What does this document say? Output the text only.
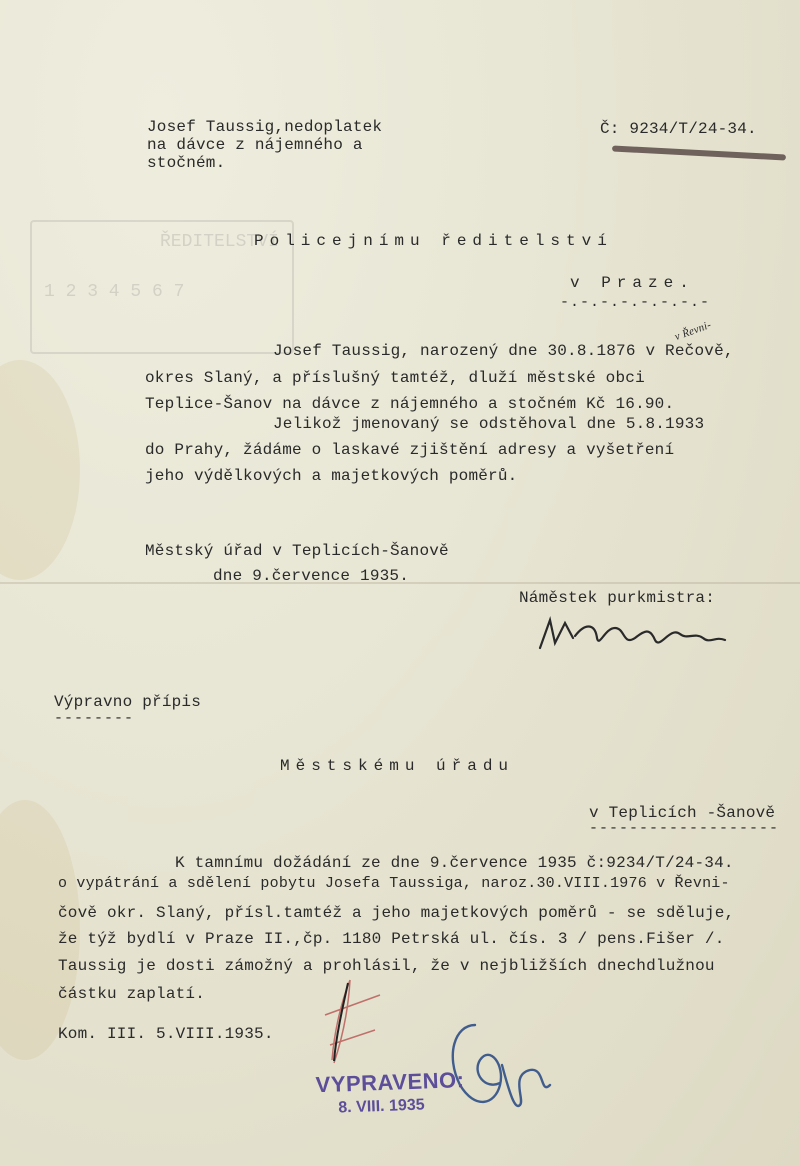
ŘEDITELSTVÍ
1 2 3 4 5 6 7
Josef Taussig,nedoplatek
na dávce z nájemného a
stočném.
Č: 9234/T/24-34.
Policejnímu ředitelství
v Praze.
-.-.-.-.-.-.-.-
Josef Taussig, narozený dne 30.8.1876 v Rečově,
v Řevni-
okres Slaný, a příslušný tamtéž, dluží městské obci
Teplice-Šanov na dávce z nájemného a stočném Kč 16.90.
Jelikož jmenovaný se odstěhoval dne 5.8.1933
do Prahy, žádáme o laskavé zjištění adresy a vyšetření
jeho výdělkových a majetkových poměrů.
Městský úřad v Teplicích-Šanově
dne 9.července 1935.
Náměstek purkmistra:
Výpravno přípis
--------
Městskému úřadu
v Teplicích -Šanově
-------------------
K tamnímu dožádání ze dne 9.července 1935 č:9234/T/24-34.
o vypátrání a sdělení pobytu Josefa Taussiga, naroz.30.VIII.1976 v Řevni-
čově okr. Slaný, přísl.tamtéž a jeho majetkových poměrů - se sděluje,
že týž bydlí v Praze II.,čp. 1180 Petrská ul. čís. 3 / pens.Fišer /.
Taussig je dosti zámožný a prohlásil, že v nejbližších dnechdlužnou
částku zaplatí.
Kom. III. 5.VIII.1935.
VYPRAVENO:
8. VIII. 1935
